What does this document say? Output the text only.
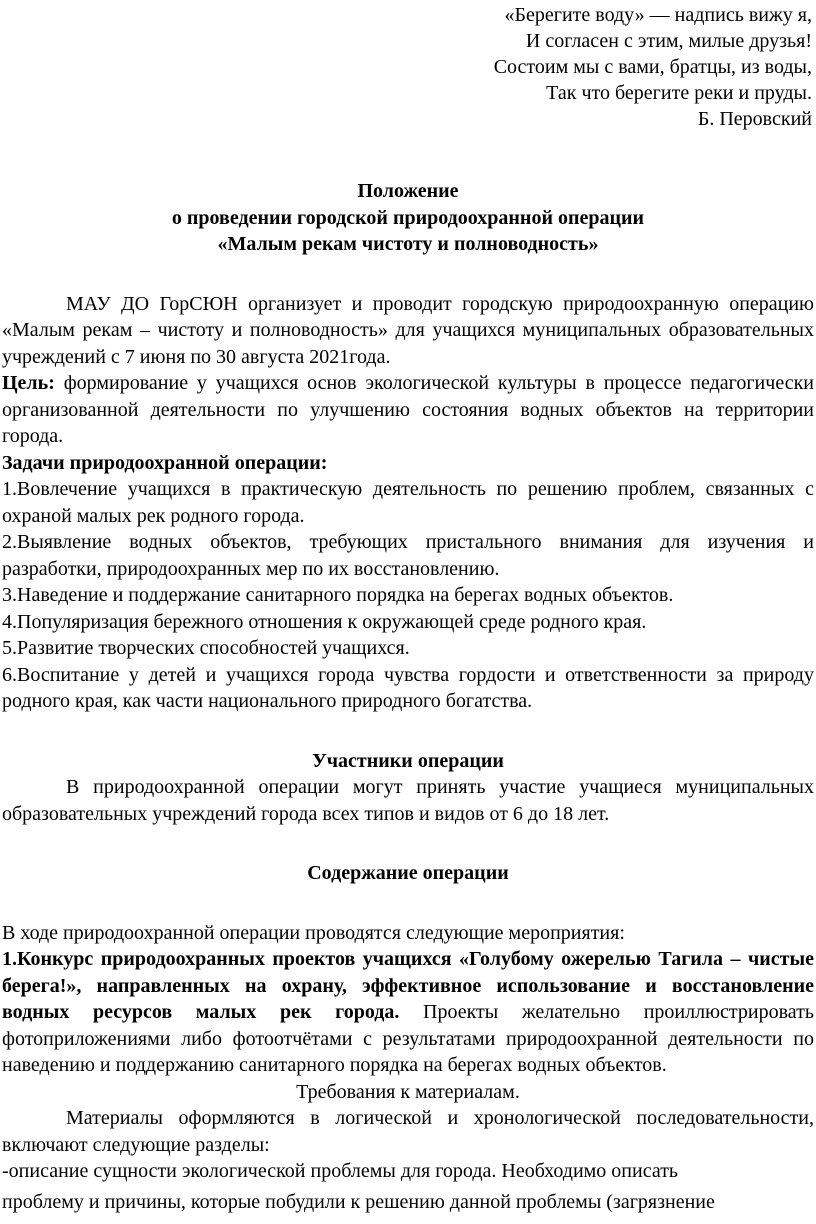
«Берегите воду» — надпись вижу я,
И согласен с этим, милые друзья!
Состоим мы с вами, братцы, из воды,
Так что берегите реки и пруды.
Б. Перовский
Положение
о проведении городской природоохранной операции
«Малым рекам чистоту и полноводность»

МАУ ДО ГорСЮН организует и проводит городскую природоохранную операцию «Малым рекам – чистоту и полноводность» для учащихся муниципальных образовательных учреждений с 7 июня по 30 августа 2021года.

Цель: формирование у учащихся основ экологической культуры в процессе педагогически организованной деятельности по улучшению состояния водных объектов на территории города.

Задачи природоохранной операции:

1.Вовлечение учащихся в практическую деятельность по решению проблем, связанных с охраной малых рек родного города.

2.Выявление водных объектов, требующих пристального внимания для изучения и разработки, природоохранных мер по их восстановлению.

3.Наведение и поддержание санитарного порядка на берегах водных объектов.

4.Популяризация бережного отношения к окружающей среде родного края.

5.Развитие творческих способностей учащихся.

6.Воспитание у детей и учащихся города чувства гордости и ответственности за природу родного края, как части национального природного богатства.

Участники операции

В природоохранной операции могут принять участие учащиеся муниципальных образовательных учреждений города всех типов и видов от 6 до 18 лет.

Содержание операции

В ходе природоохранной операции проводятся следующие мероприятия:

1.Конкурс природоохранных проектов учащихся «Голубому ожерелью Тагила – чистые берега!», направленных на охрану, эффективное использование и восстановление водных ресурсов малых рек города. Проекты желательно проиллюстрировать фотоприложениями либо фотоотчётами с результатами природоохранной деятельности по наведению и поддержанию санитарного порядка на берегах водных объектов.

Требования к материалам.

Материалы оформляются в логической и хронологической последовательности, включают следующие разделы:

-описание сущности экологической проблемы для города. Необходимо описать

проблему и причины, которые побудили к решению данной проблемы (загрязнение
